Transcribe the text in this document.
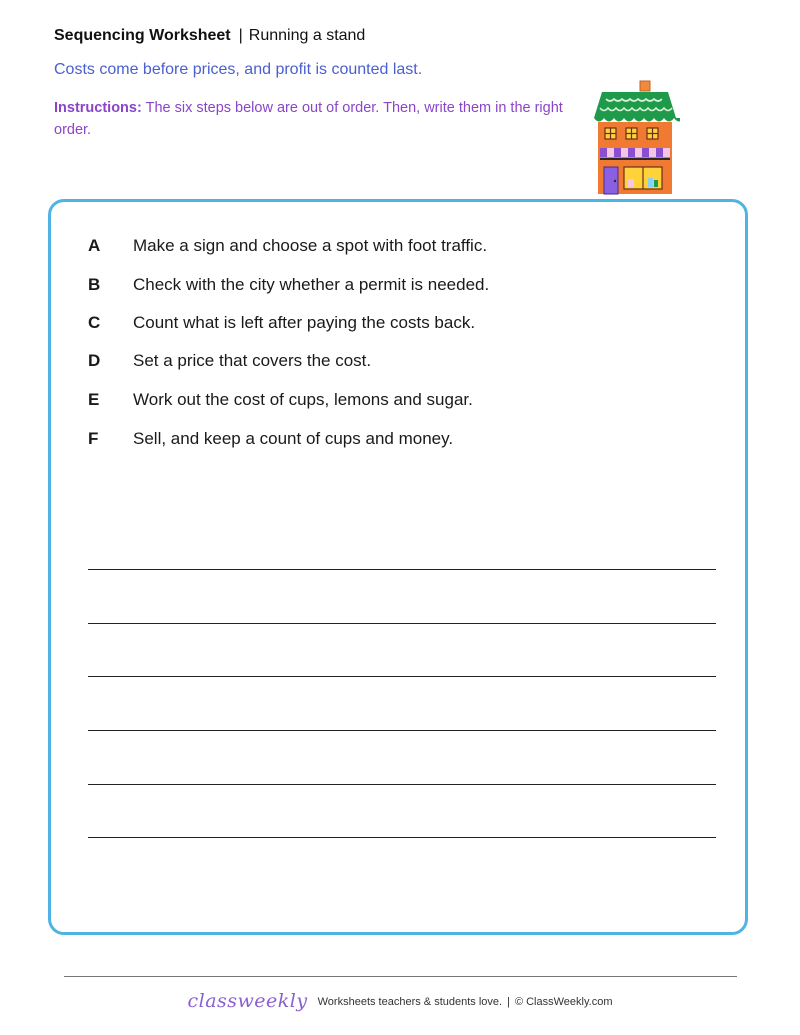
Sequencing Worksheet | Running a stand
Costs come before prices, and profit is counted last.
Instructions: The six steps below are out of order. Then, write them in the right order.
A Make a sign and choose a spot with foot traffic.
B Check with the city whether a permit is needed.
C Count what is left after paying the costs back.
D Set a price that covers the cost.
E Work out the cost of cups, lemons and sugar.
F Sell, and keep a count of cups and money.
classweekly Worksheets teachers & students love. | © ClassWeekly.com
